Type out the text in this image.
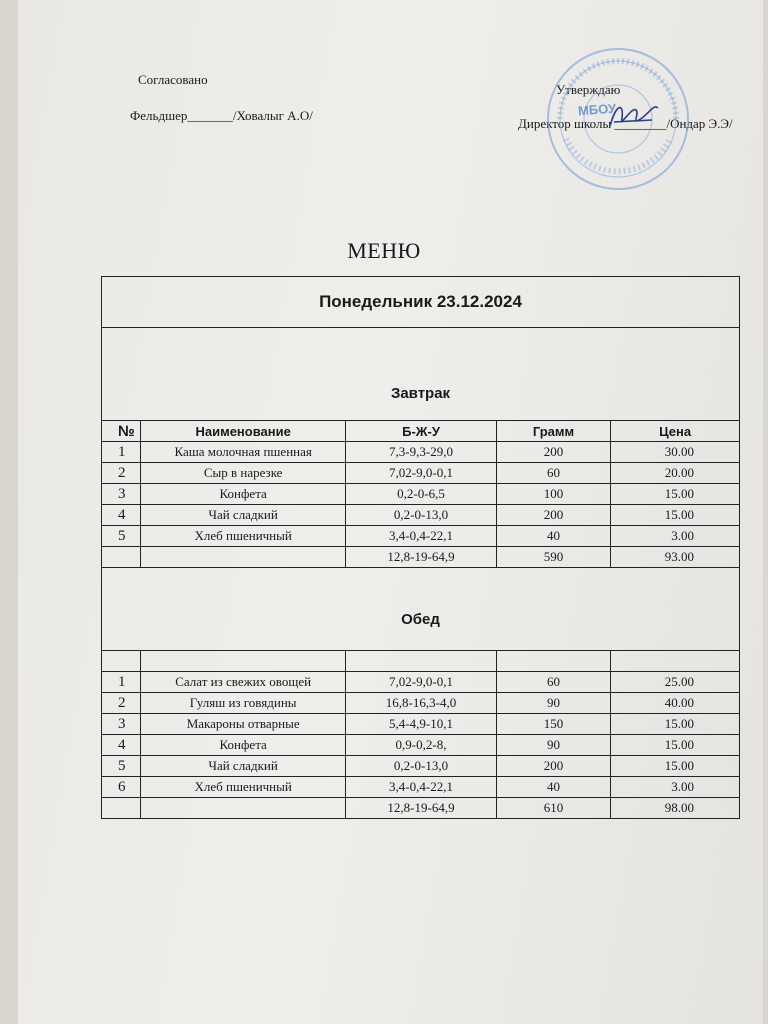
Согласовано
Фельдшер_______/Ховалыг А.О/
Утверждаю
Директор школы ________/Ондар Э.Э/
МБОУ
МЕНЮ
Понедельник 23.12.2024				
Завтрак				
№	Наименование	Б-Ж-У	Грамм	Цена
1	Каша молочная пшенная	7,3-9,3-29,0	200	30.00
2	Сыр в нарезке	7,02-9,0-0,1	60	20.00
3	Конфета	0,2-0-6,5	100	15.00
4	Чай сладкий	0,2-0-13,0	200	15.00
5	Хлеб пшеничный	3,4-0,4-22,1	40	3.00
		12,8-19-64,9	590	93.00
Обед				

1	Салат из свежих овощей	7,02-9,0-0,1	60	25.00
2	Гуляш из говядины	16,8-16,3-4,0	90	40.00
3	Макароны отварные	5,4-4,9-10,1	150	15.00
4	Конфета	0,9-0,2-8,	90	15.00
5	Чай сладкий	0,2-0-13,0	200	15.00
6	Хлеб пшеничный	3,4-0,4-22,1	40	3.00
		12,8-19-64,9	610	98.00
